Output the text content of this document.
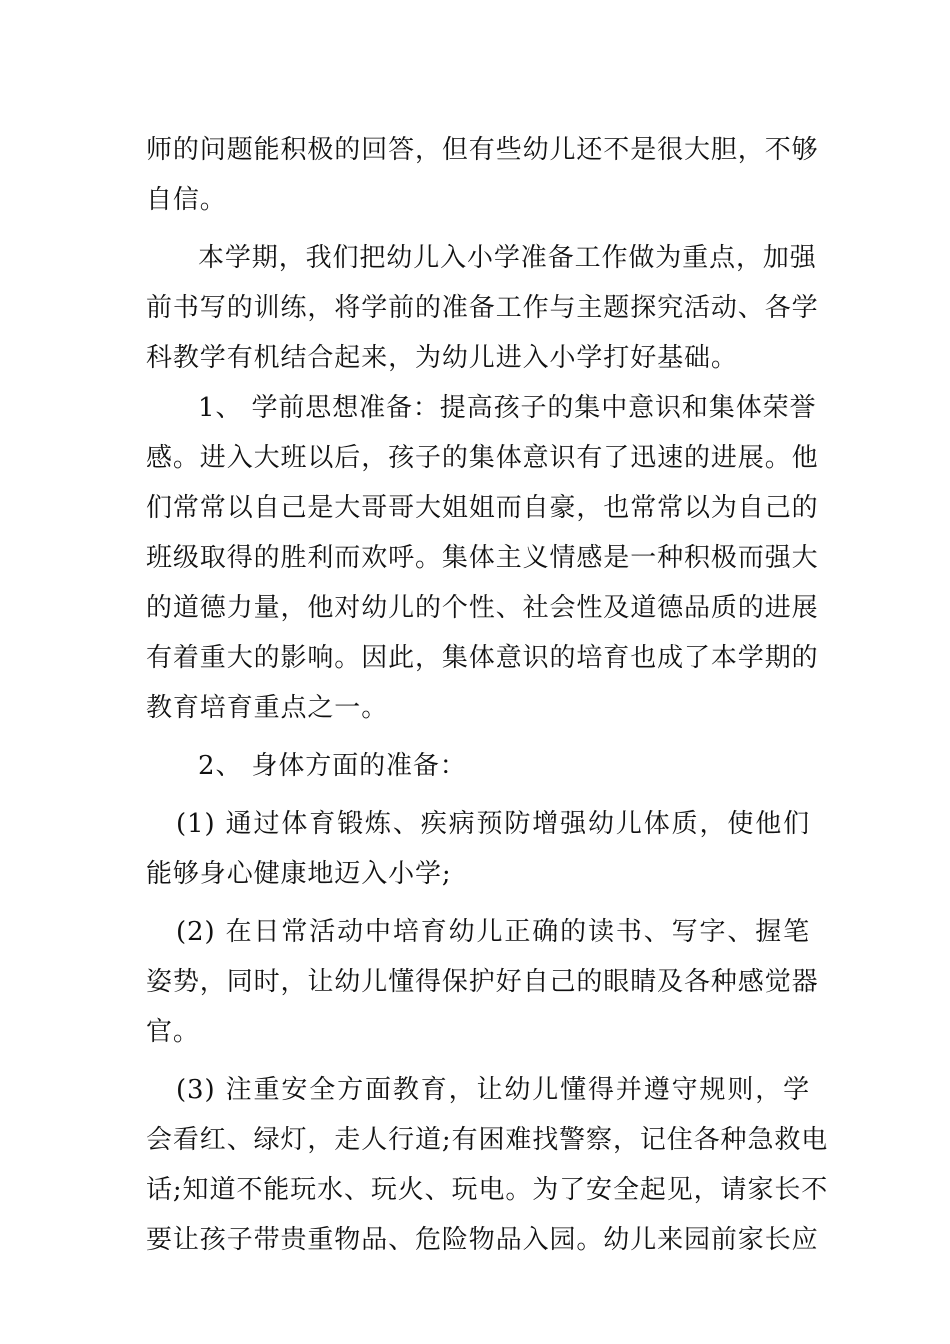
师的问题能积极的回答，但有些幼儿还不是很大胆，不够
自信。
本学期，我们把幼儿入小学准备工作做为重点，加强
前书写的训练，将学前的准备工作与主题探究活动、各学
科教学有机结合起来，为幼儿进入小学打好基础。
1、 学前思想准备：提高孩子的集中意识和集体荣誉
感。进入大班以后，孩子的集体意识有了迅速的进展。他
们常常以自己是大哥哥大姐姐而自豪，也常常以为自己的
班级取得的胜利而欢呼。集体主义情感是一种积极而强大
的道德力量，他对幼儿的个性、社会性及道德品质的进展
有着重大的影响。因此，集体意识的培育也成了本学期的
教育培育重点之一。
2、 身体方面的准备：
(1) 通过体育锻炼、疾病预防增强幼儿体质，使他们
能够身心健康地迈入小学;
(2) 在日常活动中培育幼儿正确的读书、写字、握笔
姿势，同时，让幼儿懂得保护好自己的眼睛及各种感觉器
官。
(3) 注重安全方面教育，让幼儿懂得并遵守规则，学
会看红、绿灯，走人行道;有困难找警察，记住各种急救电
话;知道不能玩水、玩火、玩电。为了安全起见，请家长不
要让孩子带贵重物品、危险物品入园。幼儿来园前家长应
